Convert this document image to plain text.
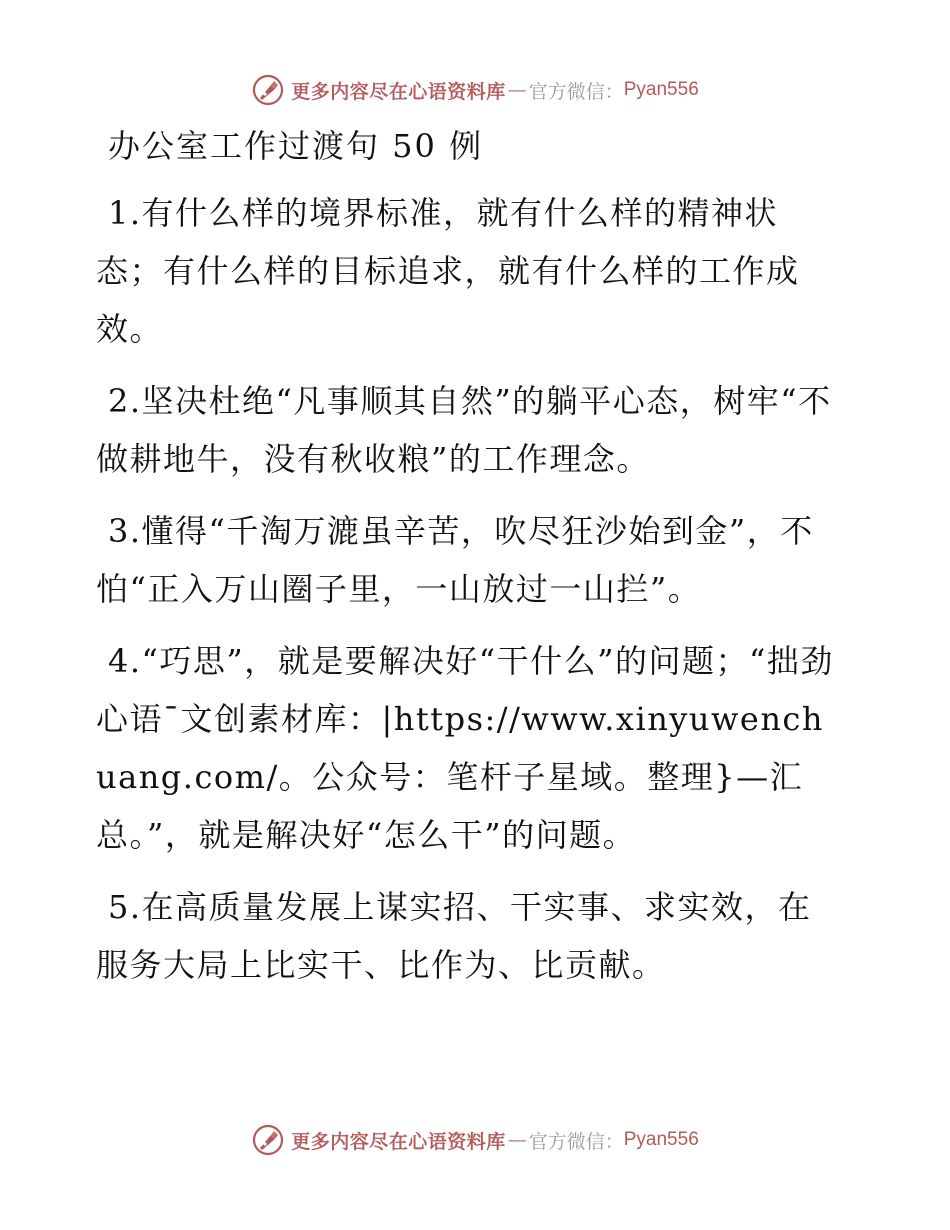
更多内容尽在心语资料库 — 官方微信： Pyan556
办公室工作过渡句 50 例

1.有什么样的境界标准，就有什么样的精神状态；有什么样的目标追求，就有什么样的工作成效。

2.坚决杜绝“凡事顺其自然”的躺平心态，树牢“不做耕地牛，没有秋收粮”的工作理念。

3.懂得“千淘万漉虽辛苦，吹尽狂沙始到金”，不怕“正入万山圈子里，一山放过一山拦”。

4.“巧思”，就是要解决好“干什么”的问题；“拙劲心语¯文创素材库：|https://www.xinyuwenchuang.com/。公众号：笔杆子星域。整理}—汇总。”，就是解决好“怎么干”的问题。

5.在高质量发展上谋实招、干实事、求实效，在服务大局上比实干、比作为、比贡献。

更多内容尽在心语资料库 — 官方微信： Pyan556
